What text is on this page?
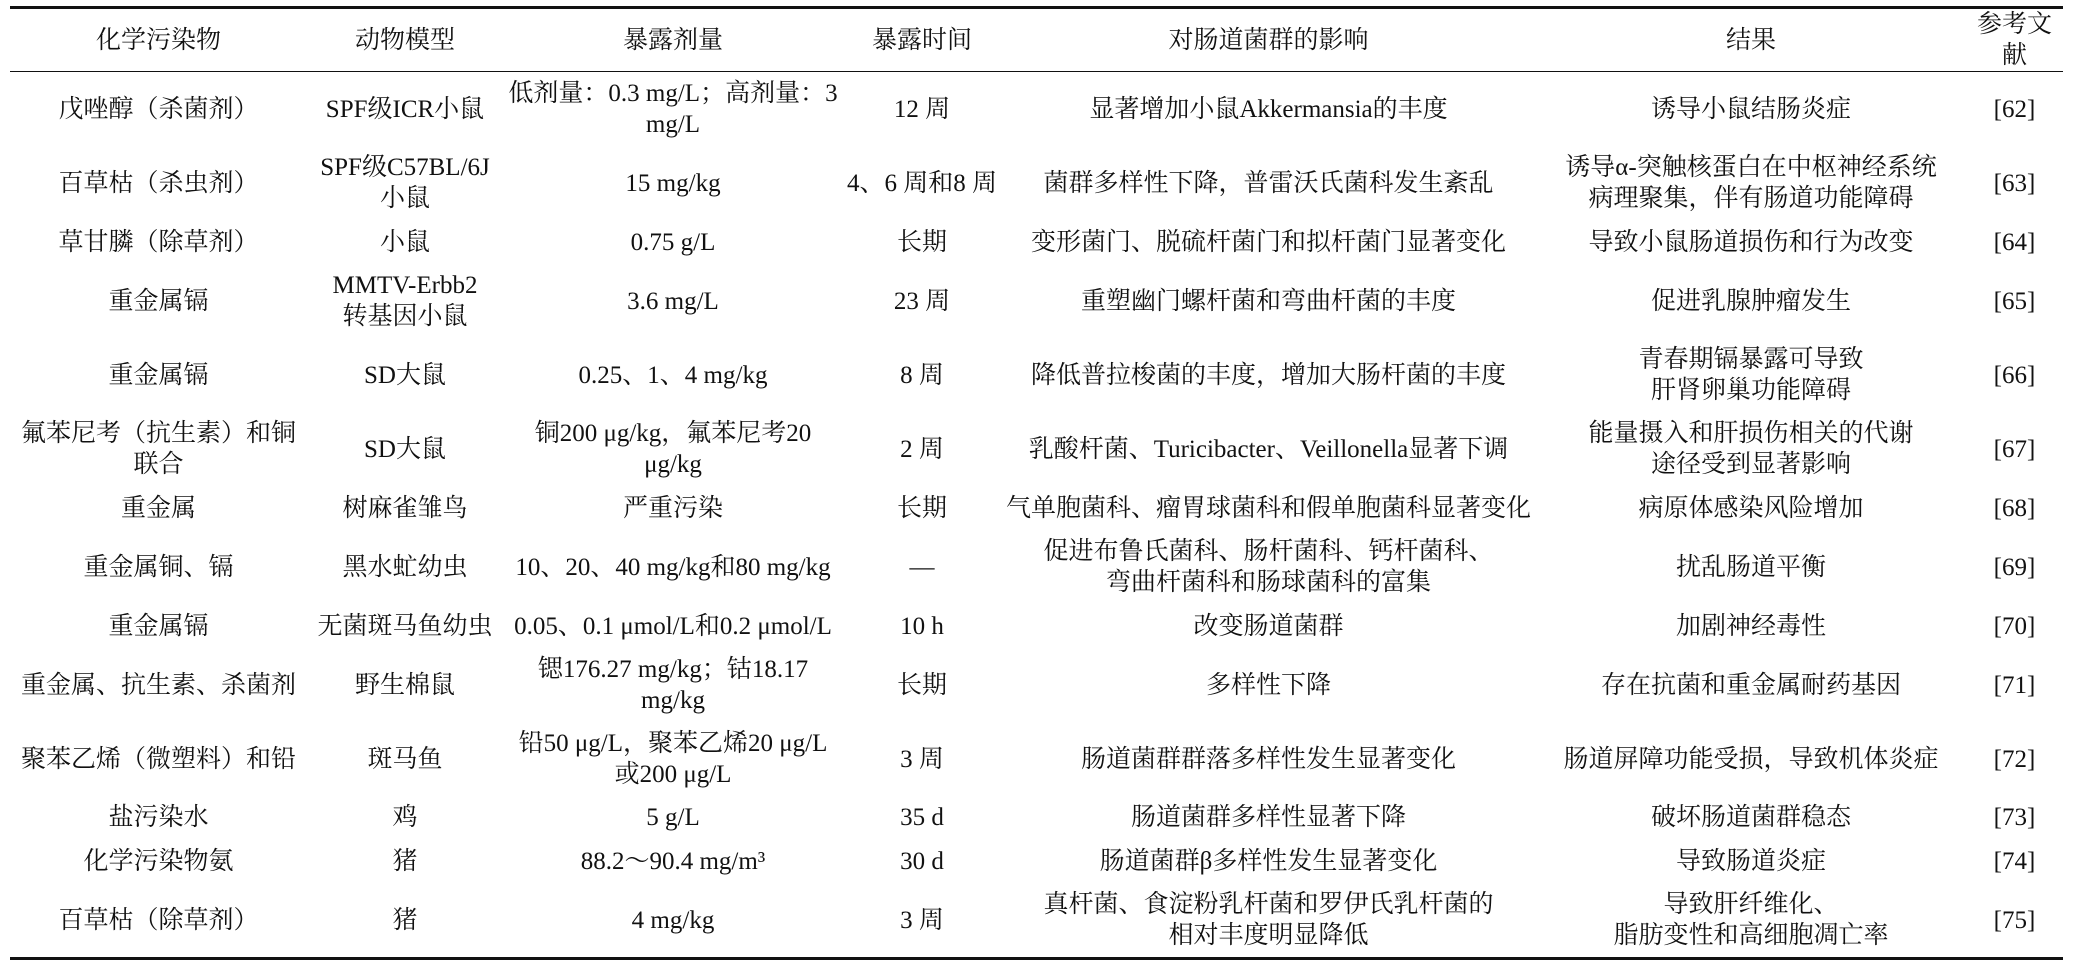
化学污染物	动物模型	暴露剂量	暴露时间	对肠道菌群的影响	结果	参考文献

戊唑醇（杀菌剂）	SPF级ICR小鼠	低剂量：0.3 mg/L；高剂量：3 mg/L	12 周	显著增加小鼠Akkermansia的丰度	诱导小鼠结肠炎症	[62]

百草枯（杀虫剂）	SPF级C57BL/6J
小鼠	15 mg/kg	4、6 周和8 周	菌群多样性下降，普雷沃氏菌科发生紊乱	诱导α-突触核蛋白在中枢神经系统
病理聚集，伴有肠道功能障碍	[63]

草甘膦（除草剂）	小鼠	0.75 g/L	长期	变形菌门、脱硫杆菌门和拟杆菌门显著变化	导致小鼠肠道损伤和行为改变	[64]

重金属镉	MMTV-Erbb2
转基因小鼠	3.6 mg/L	23 周	重塑幽门螺杆菌和弯曲杆菌的丰度	促进乳腺肿瘤发生	[65]

重金属镉	SD大鼠	0.25、1、4 mg/kg	8 周	降低普拉梭菌的丰度，增加大肠杆菌的丰度	青春期镉暴露可导致
肝肾卵巢功能障碍	[66]

氟苯尼考（抗生素）和铜联合	SD大鼠	铜200 μg/kg，氟苯尼考20 μg/kg	2 周	乳酸杆菌、Turicibacter、Veillonella显著下调	能量摄入和肝损伤相关的代谢
途径受到显著影响	[67]

重金属	树麻雀雏鸟	严重污染	长期	气单胞菌科、瘤胃球菌科和假单胞菌科显著变化	病原体感染风险增加	[68]

重金属铜、镉	黑水虻幼虫	10、20、40 mg/kg和80 mg/kg	—	促进布鲁氏菌科、肠杆菌科、钙杆菌科、
弯曲杆菌科和肠球菌科的富集	扰乱肠道平衡	[69]

重金属镉	无菌斑马鱼幼虫	0.05、0.1 μmol/L和0.2 μmol/L	10 h	改变肠道菌群	加剧神经毒性	[70]

重金属、抗生素、杀菌剂	野生棉鼠	锶176.27 mg/kg；钴18.17 mg/kg	长期	多样性下降	存在抗菌和重金属耐药基因	[71]

聚苯乙烯（微塑料）和铅	斑马鱼	铅50 μg/L，聚苯乙烯20 μg/L或200 μg/L	3 周	肠道菌群群落多样性发生显著变化	肠道屏障功能受损，导致机体炎症	[72]

盐污染水	鸡	5 g/L	35 d	肠道菌群多样性显著下降	破坏肠道菌群稳态	[73]

化学污染物氨	猪	88.2～90.4 mg/m³	30 d	肠道菌群β多样性发生显著变化	导致肠道炎症	[74]

百草枯（除草剂）	猪	4 mg/kg	3 周	真杆菌、食淀粉乳杆菌和罗伊氏乳杆菌的
相对丰度明显降低	导致肝纤维化、
脂肪变性和高细胞凋亡率	[75]
